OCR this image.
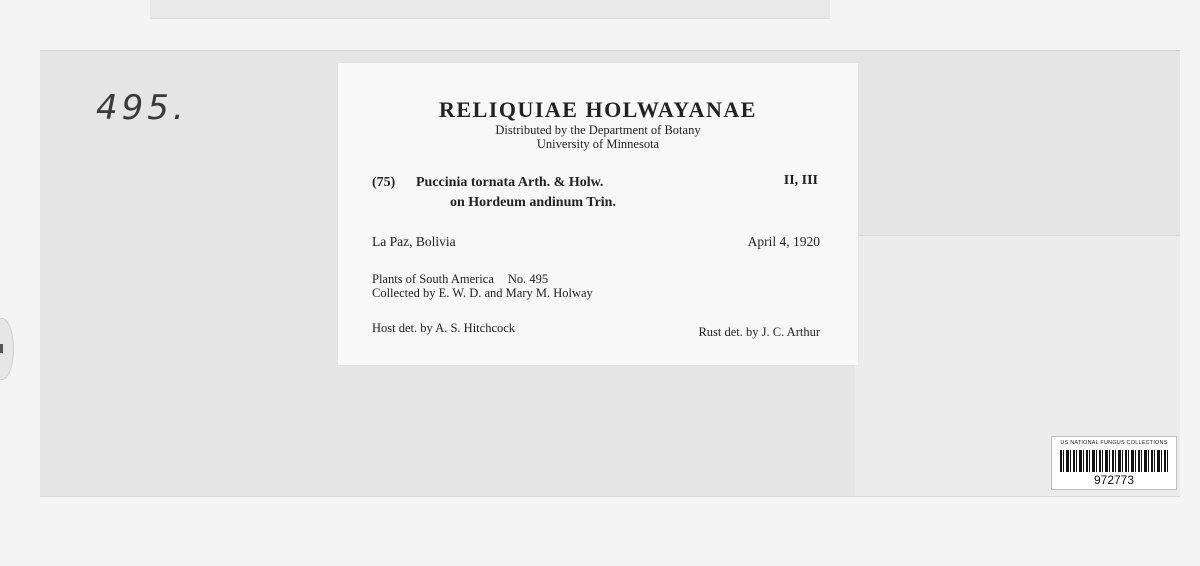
495.	RELIQUIAE HOLWAYANAE
Distributed by the Department of Botany
University of Minnesota
(75) Puccinia tornata Arth. & Holw.
on Hordeum andinum Trin.
II, III
La Paz, Bolivia	April 4, 1920
Plants of South America No. 495
Collected by E. W. D. and Mary M. Holway
Host det. by A. S. Hitchcock	Rust det. by J. C. Arthur
US NATIONAL FUNGUS COLLECTIONS
972773
